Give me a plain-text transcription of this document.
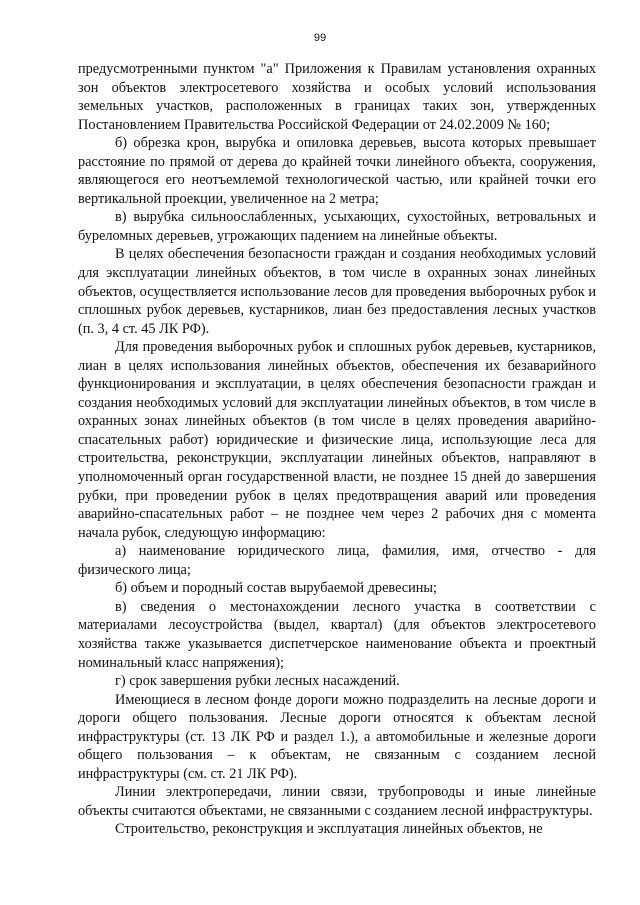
99

предусмотренными пунктом "а" Приложения к Правилам установления охранных зон объектов электросетевого хозяйства и особых условий использования земельных участков, расположенных в границах таких зон, утвержденных Постановлением Правительства Российской Федерации от 24.02.2009 № 160;

б) обрезка крон, вырубка и опиловка деревьев, высота которых превышает расстояние по прямой от дерева до крайней точки линейного объекта, сооружения, являющегося его неотъемлемой технологической частью, или крайней точки его вертикальной проекции, увеличенное на 2 метра;

в) вырубка сильноослабленных, усыхающих, сухостойных, ветровальных и буреломных деревьев, угрожающих падением на линейные объекты.

В целях обеспечения безопасности граждан и создания необходимых условий для эксплуатации линейных объектов, в том числе в охранных зонах линейных объектов, осуществляется использование лесов для проведения выборочных рубок и сплошных рубок деревьев, кустарников, лиан без предоставления лесных участков (п. 3, 4 ст. 45 ЛК РФ).

Для проведения выборочных рубок и сплошных рубок деревьев, кустарников, лиан в целях использования линейных объектов, обеспечения их безаварийного функционирования и эксплуатации, в целях обеспечения безопасности граждан и создания необходимых условий для эксплуатации линейных объектов, в том числе в охранных зонах линейных объектов (в том числе в целях проведения аварийно-спасательных работ) юридические и физические лица, использующие леса для строительства, реконструкции, эксплуатации линейных объектов, направляют в уполномоченный орган государственной власти, не позднее 15 дней до завершения рубки, при проведении рубок в целях предотвращения аварий или проведения аварийно-спасательных работ – не позднее чем через 2 рабочих дня с момента начала рубок, следующую информацию:

а) наименование юридического лица, фамилия, имя, отчество - для физического лица;

б) объем и породный состав вырубаемой древесины;

в) сведения о местонахождении лесного участка в соответствии с материалами лесоустройства (выдел, квартал) (для объектов электросетевого хозяйства также указывается диспетчерское наименование объекта и проектный номинальный класс напряжения);

г) срок завершения рубки лесных насаждений.

Имеющиеся в лесном фонде дороги можно подразделить на лесные дороги и дороги общего пользования. Лесные дороги относятся к объектам лесной инфраструктуры (ст. 13 ЛК РФ и раздел 1.), а автомобильные и железные дороги общего пользования – к объектам, не связанным с созданием лесной инфраструктуры (см. ст. 21 ЛК РФ).

Линии электропередачи, линии связи, трубопроводы и иные линейные объекты считаются объектами, не связанными с созданием лесной инфраструктуры.

Строительство, реконструкция и эксплуатация линейных объектов, не
